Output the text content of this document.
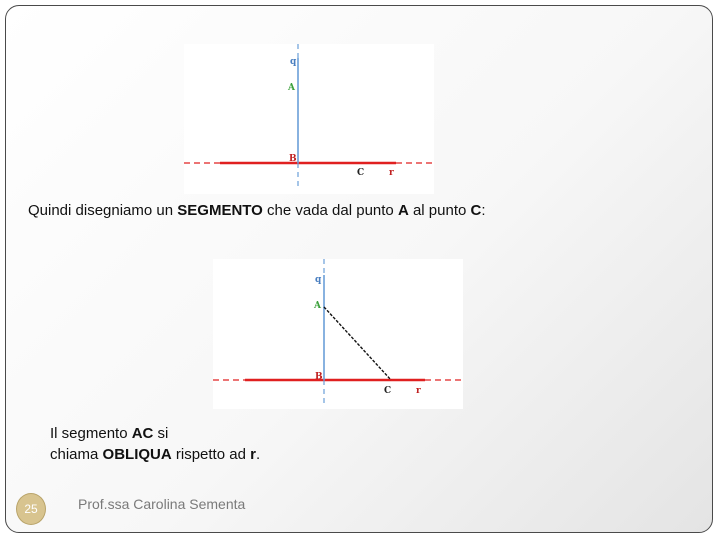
q
A
B
C	r
Quindi disegniamo un SEGMENTO che vada dal punto A al punto C:
q
A
B
C	r
Il segmento AC si
chiama OBLIQUA rispetto ad r.
25	Prof.ssa Carolina Sementa
